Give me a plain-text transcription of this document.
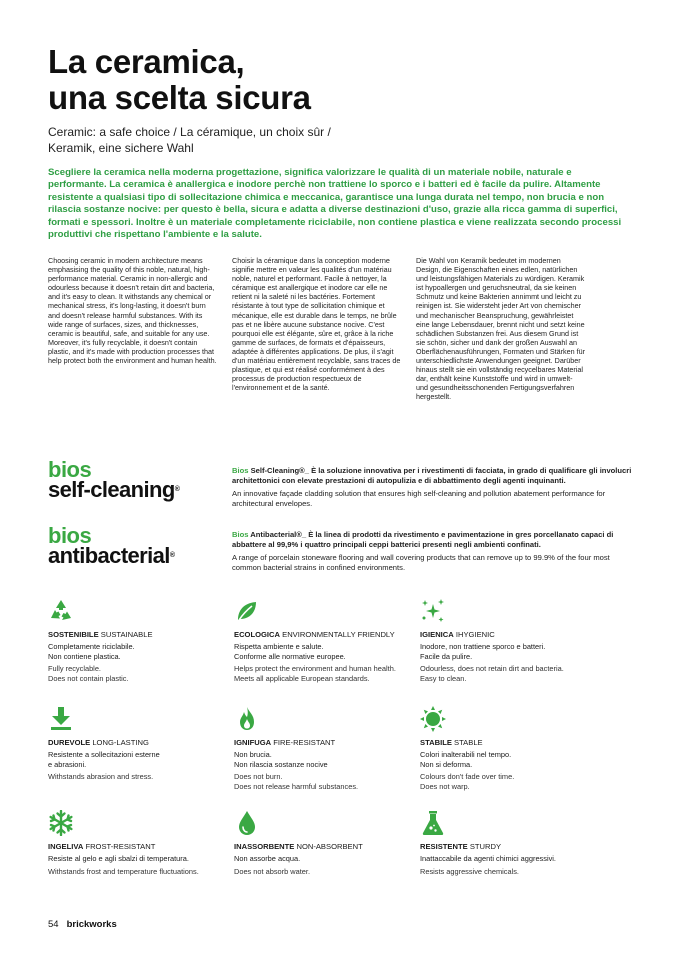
La ceramica,
una scelta sicura
Ceramic: a safe choice / La céramique, un choix sûr /
Keramik, eine sichere Wahl
Scegliere la ceramica nella moderna progettazione, significa valorizzare le qualità di un materiale nobile, naturale e performante. La ceramica è anallergica e inodore perchè non trattiene lo sporco e i batteri ed è facile da pulire. Altamente resistente a qualsiasi tipo di sollecitazione chimica e meccanica, garantisce una lunga durata nel tempo, non brucia e non rilascia sostanze nocive: per questo è bella, sicura e adatta a diverse destinazioni d'uso, grazie alla ricca gamma di superfici, formati e spessori. Inoltre è un materiale completamente riciclabile, non contiene plastica e viene realizzata secondo processi produttivi che rispettano l'ambiente e la salute.
Choosing ceramic in modern architecture means emphasising the quality of this noble, natural, high-performance material. Ceramic in non-allergic and odourless because it doesn't retain dirt and bacteria, and it's easy to clean. It withstands any chemical or mechanical stress, it's long-lasting, it doesn't burn and doesn't release harmful substances. With its wide range of surfaces, sizes, and thicknesses, ceramic is beautiful, safe, and suitable for any use. Moreover, it's fully recyclable, it doesn't contain plastic, and it's made with production processes that help protect both the environment and human health.
Choisir la céramique dans la conception moderne signifie mettre en valeur les qualités d'un matériau noble, naturel et performant. Facile à nettoyer, la céramique est anallergique et inodore car elle ne retient ni la saleté ni les bactéries. Fortement résistante à tout type de sollicitation chimique et mécanique, elle est durable dans le temps, ne brûle pas et ne libère aucune substance nocive. C'est pourquoi elle est élégante, sûre et, grâce à la riche gamme de surfaces, de formats et d'épaisseurs, adaptée à différentes applications. De plus, il s'agit d'un matériau entièrement recyclable, sans traces de plastique, et qui est réalisé conformément à des processus de production respectueux de l'environnement et de la santé.
Die Wahl von Keramik bedeutet im modernen Design, die Eigenschaften eines edlen, natürlichen und leistungsfähigen Materials zu würdigen. Keramik ist hypoallergen und geruchsneutral, da sie keinen Schmutz und keine Bakterien annimmt und leicht zu reinigen ist. Sie widersteht jeder Art von chemischer und mechanischer Beanspruchung, gewährleistet eine lange Lebensdauer, brennt nicht und setzt keine schädlichen Substanzen frei. Aus diesem Grund ist sie schön, sicher und dank der großen Auswahl an Oberflächenausführungen, Formaten und Stärken für unterschiedlichste Anwendungen geeignet. Darüber hinaus stellt sie ein vollständig recycelbares Material dar, enthält keine Kunststoffe und wird in umwelt- und gesundheitsschonenden Fertigungsverfahren hergestellt.
bios
self-cleaning®
bios
antibacterial®
Bios Self-Cleaning®_ È la soluzione innovativa per i rivestimenti di facciata, in grado di qualificare gli involucri architettonici con elevate prestazioni di autopulizia e di abbattimento degli agenti inquinanti.
An innovative façade cladding solution that ensures high self-cleaning and pollution abatement performance for architectural envelopes.
Bios Antibacterial®_ È la linea di prodotti da rivestimento e pavimentazione in gres porcellanato capaci di abbattere al 99,9% i quattro principali ceppi batterici presenti negli ambienti confinati.
A range of porcelain stoneware flooring and wall covering products that can remove up to 99.9% of the four most common bacterial strains in confined environments.
SOSTENIBILE SUSTAINABLE
Completamente riciclabile.
Non contiene plastica.
Fully recyclable.
Does not contain plastic.
ECOLOGICA ENVIRONMENTALLY FRIENDLY
Rispetta ambiente e salute.
Conforme alle normative europee.
Helps protect the environment and human health.
Meets all applicable European standards.
IGIENICA IHYGIENIC
Inodore, non trattiene sporco e batteri.
Facile da pulire.
Odourless, does not retain dirt and bacteria.
Easy to clean.
DUREVOLE LONG-LASTING
Resistente a sollecitazioni esterne
e abrasioni.
Withstands abrasion and stress.
IGNIFUGA FIRE-RESISTANT
Non brucia.
Non rilascia sostanze nocive
Does not burn.
Does not release harmful substances.
STABILE STABLE
Colori inalterabili nel tempo.
Non si deforma.
Colours don't fade over time.
Does not warp.
INGELIVA FROST-RESISTANT
Resiste al gelo e agli sbalzi di temperatura.
Withstands frost and temperature fluctuations.
INASSORBENTE NON-ABSORBENT
Non assorbe acqua.
Does not absorb water.
RESISTENTE STURDY
Inattaccabile da agenti chimici aggressivi.
Resists aggressive chemicals.
54 brickworks
